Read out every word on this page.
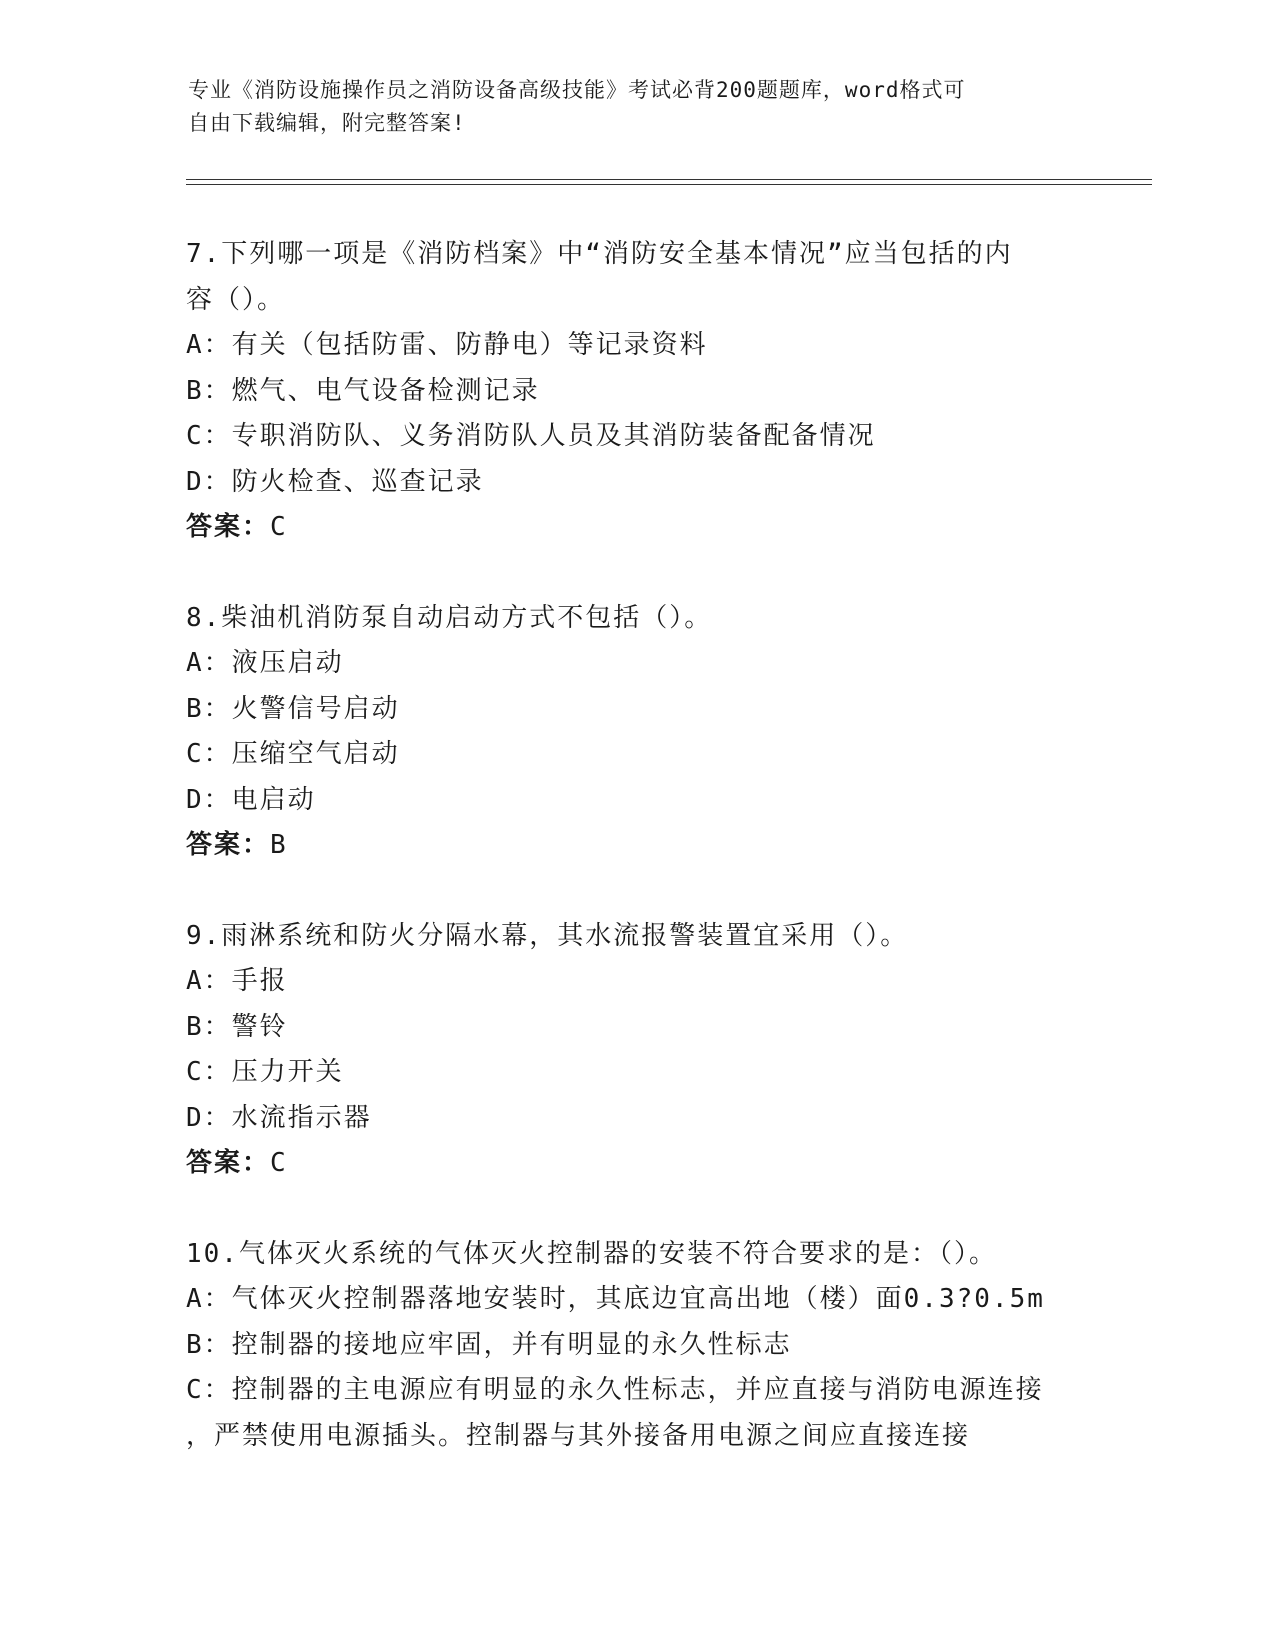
专业《消防设施操作员之消防设备高级技能》考试必背200题题库，word格式可
自由下载编辑，附完整答案!
7.下列哪一项是《消防档案》中“消防安全基本情况”应当包括的内
容（）。
A：有关（包括防雷、防静电）等记录资料
B：燃气、电气设备检测记录
C：专职消防队、义务消防队人员及其消防装备配备情况
D：防火检查、巡查记录
答案：C
8.柴油机消防泵自动启动方式不包括（）。
A：液压启动
B：火警信号启动
C：压缩空气启动
D：电启动
答案：B
9.雨淋系统和防火分隔水幕，其水流报警装置宜采用（）。
A：手报
B：警铃
C：压力开关
D：水流指示器
答案：C
10.气体灭火系统的气体灭火控制器的安装不符合要求的是：（）。
A：气体灭火控制器落地安装时，其底边宜高出地（楼）面0.3?0.5m
B：控制器的接地应牢固，并有明显的永久性标志
C：控制器的主电源应有明显的永久性标志，并应直接与消防电源连接
，严禁使用电源插头。控制器与其外接备用电源之间应直接连接
